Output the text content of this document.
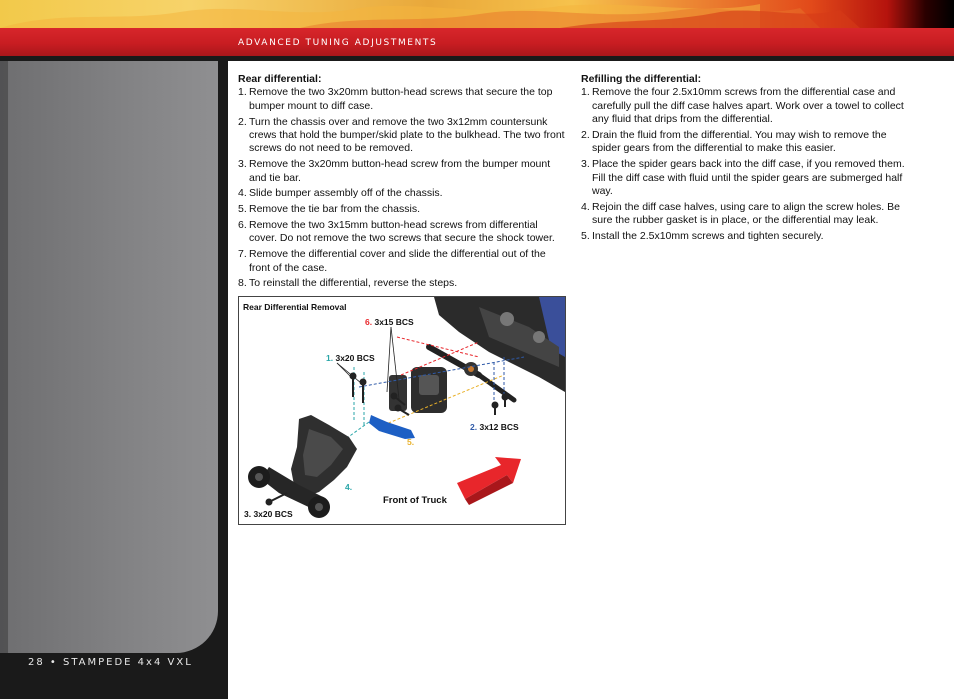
ADVANCED TUNING ADJUSTMENTS
28 • STAMPEDE 4x4 VXL
Rear differential:
1. Remove the two 3x20mm button-head screws that secure the top bumper mount to diff case.
2. Turn the chassis over and remove the two 3x12mm countersunk crews that hold the bumper/skid plate to the bulkhead. The two front screws do not need to be removed.
3. Remove the 3x20mm button-head screw from the bumper mount and tie bar.
4. Slide bumper assembly off of the chassis.
5. Remove the tie bar from the chassis.
6. Remove the two 3x15mm button-head screws from differential cover. Do not remove the two screws that secure the shock tower.
7. Remove the differential cover and slide the differential out of the front of the case.
8. To reinstall the differential, reverse the steps.
Refilling the differential:
1. Remove the four 2.5x10mm screws from the differential case and carefully pull the diff case halves apart. Work over a towel to collect any fluid that drips from the differential.
2. Drain the fluid from the differential. You may wish to remove the spider gears from the differential to make this easier.
3. Place the spider gears back into the diff case, if you removed them. Fill the diff case with fluid until the spider gears are submerged half way.
4. Rejoin the diff case halves, using care to align the screw holes. Be sure the rubber gasket is in place, or the differential may leak.
5. Install the 2.5x10mm screws and tighten securely.
Rear Differential Removal
6. 3x15 BCS
1. 3x20 BCS
2. 3x12 BCS
5.
4.
3. 3x20 BCS
Front of Truck
